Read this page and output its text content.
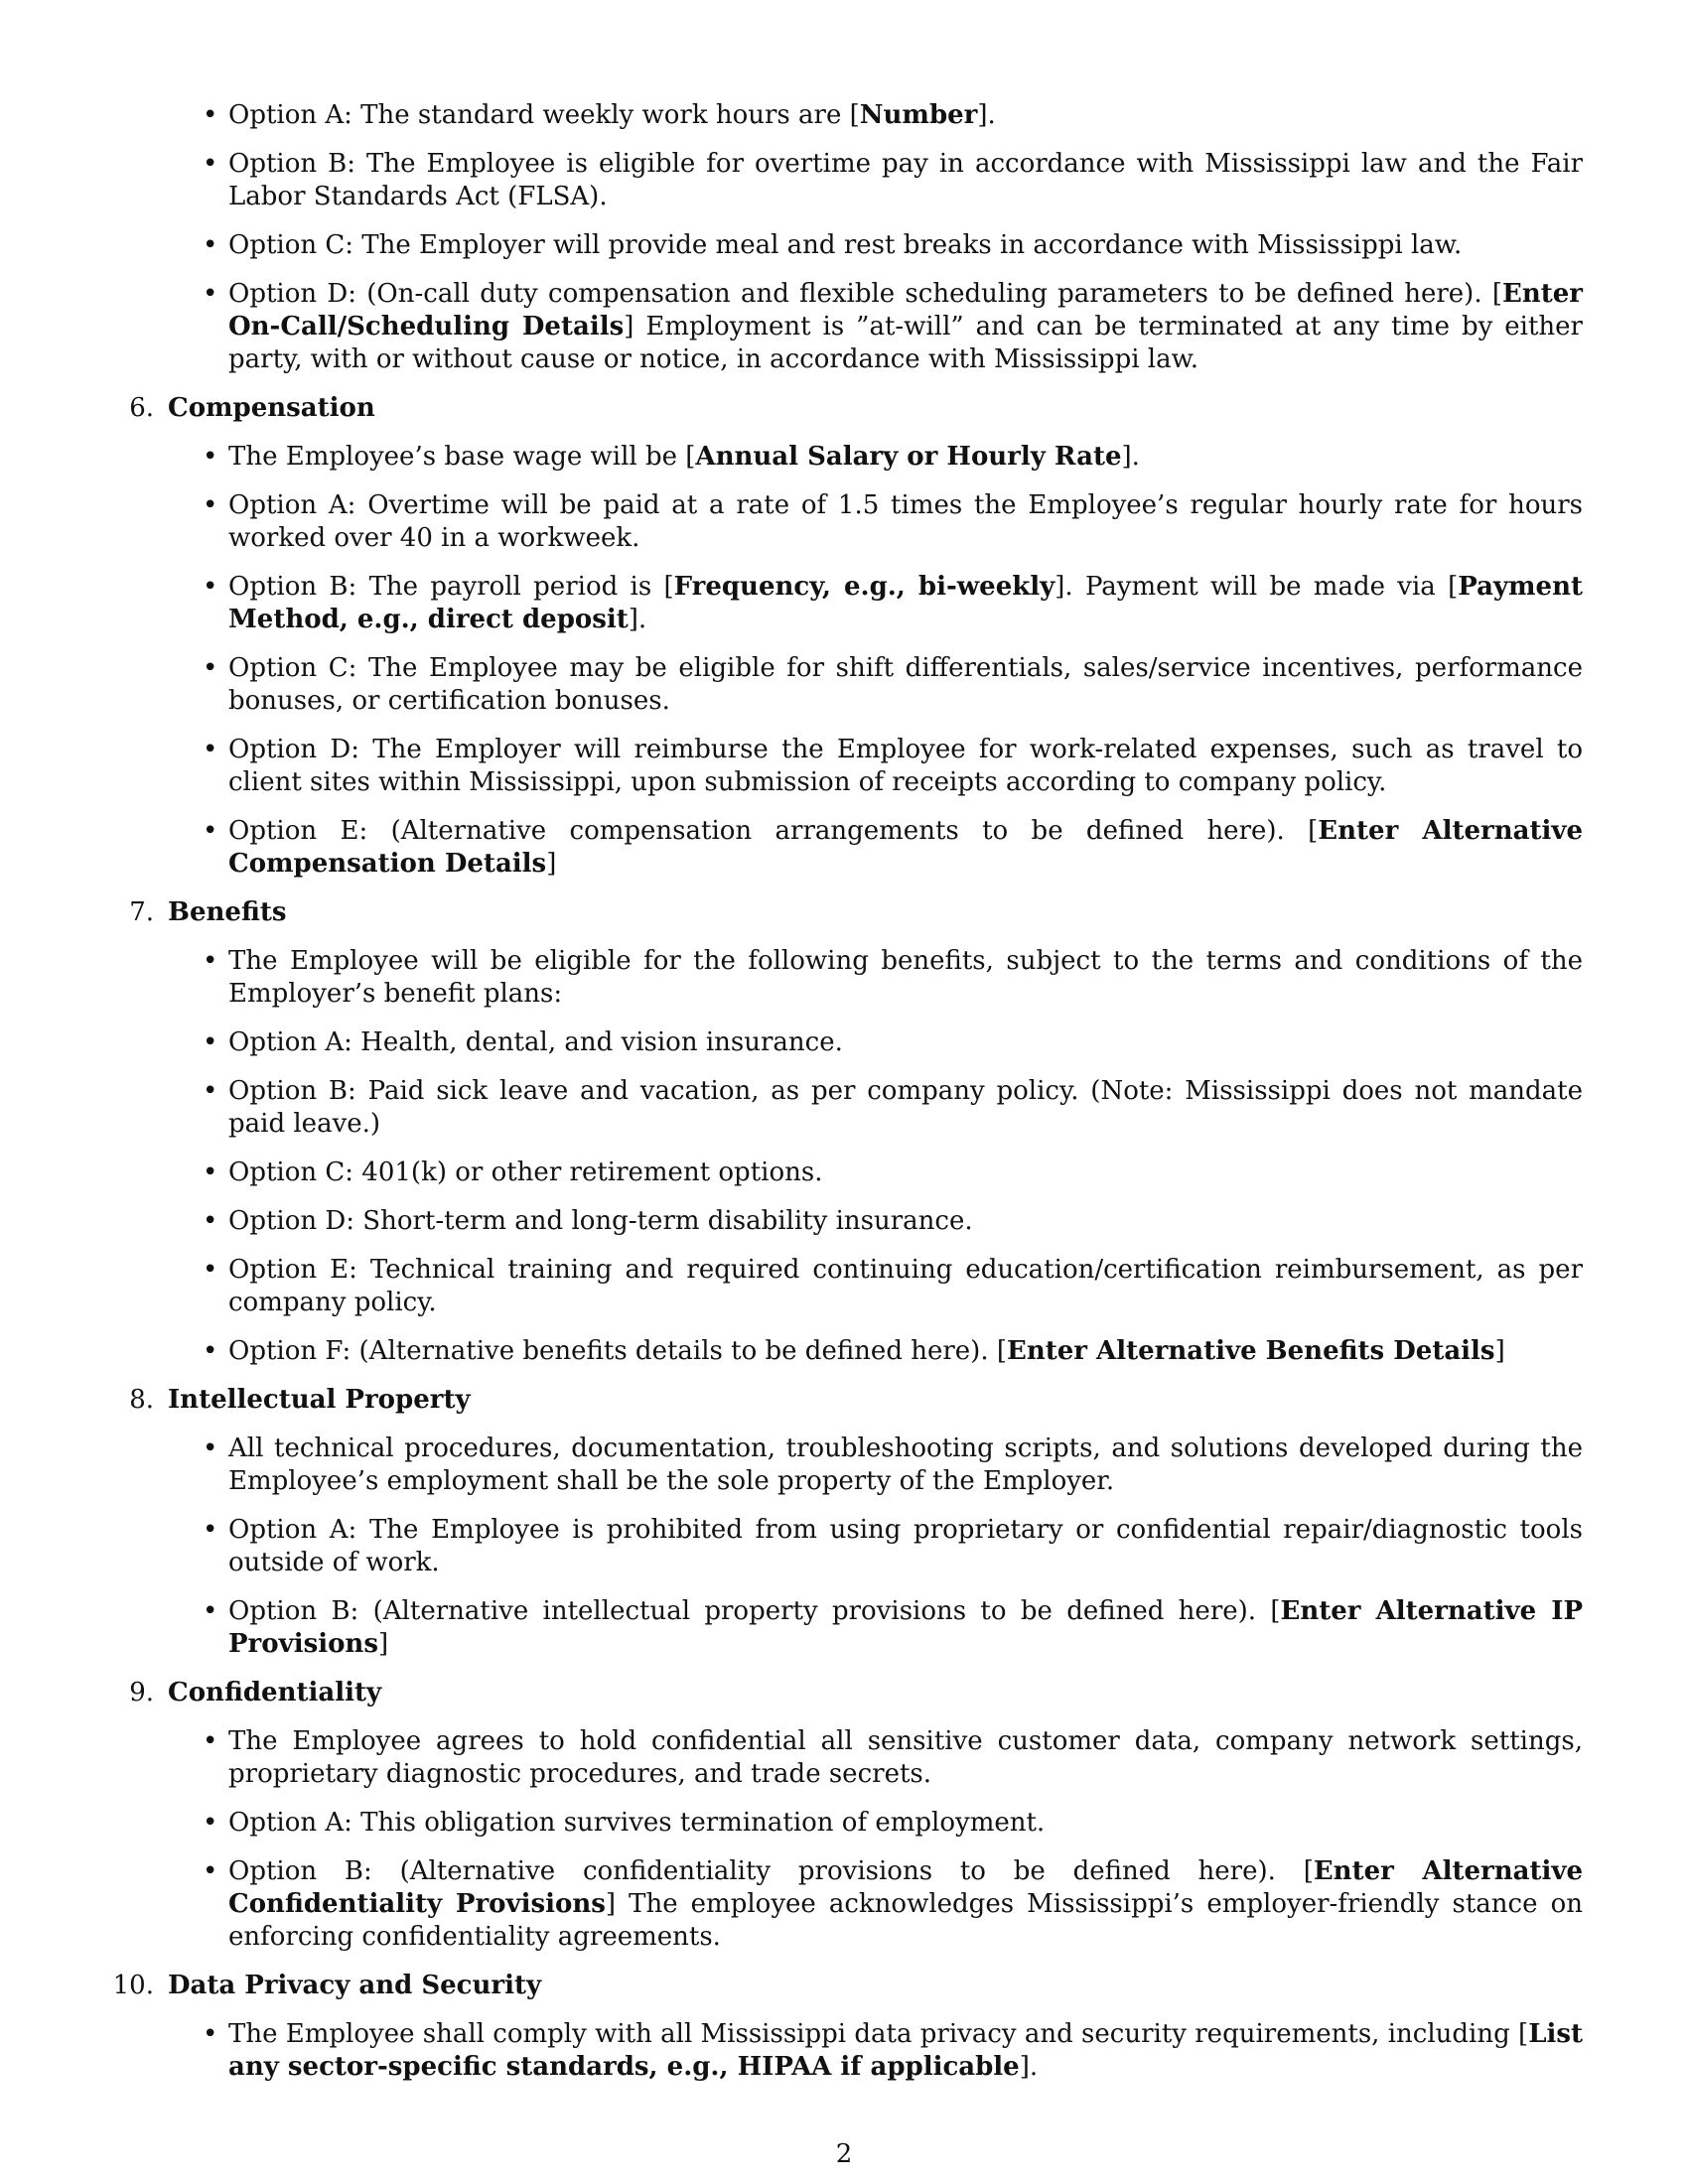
• Option A: The standard weekly work hours are [Number].
• Option B: The Employee is eligible for overtime pay in accordance with Mississippi law and the Fair Labor Standards Act (FLSA).
• Option C: The Employer will provide meal and rest breaks in accordance with Mississippi law.
• Option D: (On-call duty compensation and flexible scheduling parameters to be defined here). [Enter On-Call/Scheduling Details] Employment is ”at-will” and can be terminated at any time by either party, with or without cause or notice, in accordance with Mississippi law.
6. Compensation
• The Employee’s base wage will be [Annual Salary or Hourly Rate].
• Option A: Overtime will be paid at a rate of 1.5 times the Employee’s regular hourly rate for hours worked over 40 in a workweek.
• Option B: The payroll period is [Frequency, e.g., bi-weekly]. Payment will be made via [Payment Method, e.g., direct deposit].
• Option C: The Employee may be eligible for shift differentials, sales/service incentives, performance bonuses, or certification bonuses.
• Option D: The Employer will reimburse the Employee for work-related expenses, such as travel to client sites within Mississippi, upon submission of receipts according to company policy.
• Option E: (Alternative compensation arrangements to be defined here). [Enter Alternative Compensation Details]
7. Benefits
• The Employee will be eligible for the following benefits, subject to the terms and conditions of the Employer’s benefit plans:
• Option A: Health, dental, and vision insurance.
• Option B: Paid sick leave and vacation, as per company policy. (Note: Mississippi does not mandate paid leave.)
• Option C: 401(k) or other retirement options.
• Option D: Short-term and long-term disability insurance.
• Option E: Technical training and required continuing education/certification reimbursement, as per company policy.
• Option F: (Alternative benefits details to be defined here). [Enter Alternative Benefits Details]
8. Intellectual Property
• All technical procedures, documentation, troubleshooting scripts, and solutions developed during the Employee’s employment shall be the sole property of the Employer.
• Option A: The Employee is prohibited from using proprietary or confidential repair/diagnostic tools outside of work.
• Option B: (Alternative intellectual property provisions to be defined here). [Enter Alternative IP Provisions]
9. Confidentiality
• The Employee agrees to hold confidential all sensitive customer data, company network settings, proprietary diagnostic procedures, and trade secrets.
• Option A: This obligation survives termination of employment.
• Option B: (Alternative confidentiality provisions to be defined here). [Enter Alternative Confidentiality Provisions] The employee acknowledges Mississippi’s employer-friendly stance on enforcing confidentiality agreements.
10. Data Privacy and Security
• The Employee shall comply with all Mississippi data privacy and security requirements, including [List any sector-specific standards, e.g., HIPAA if applicable].
2
